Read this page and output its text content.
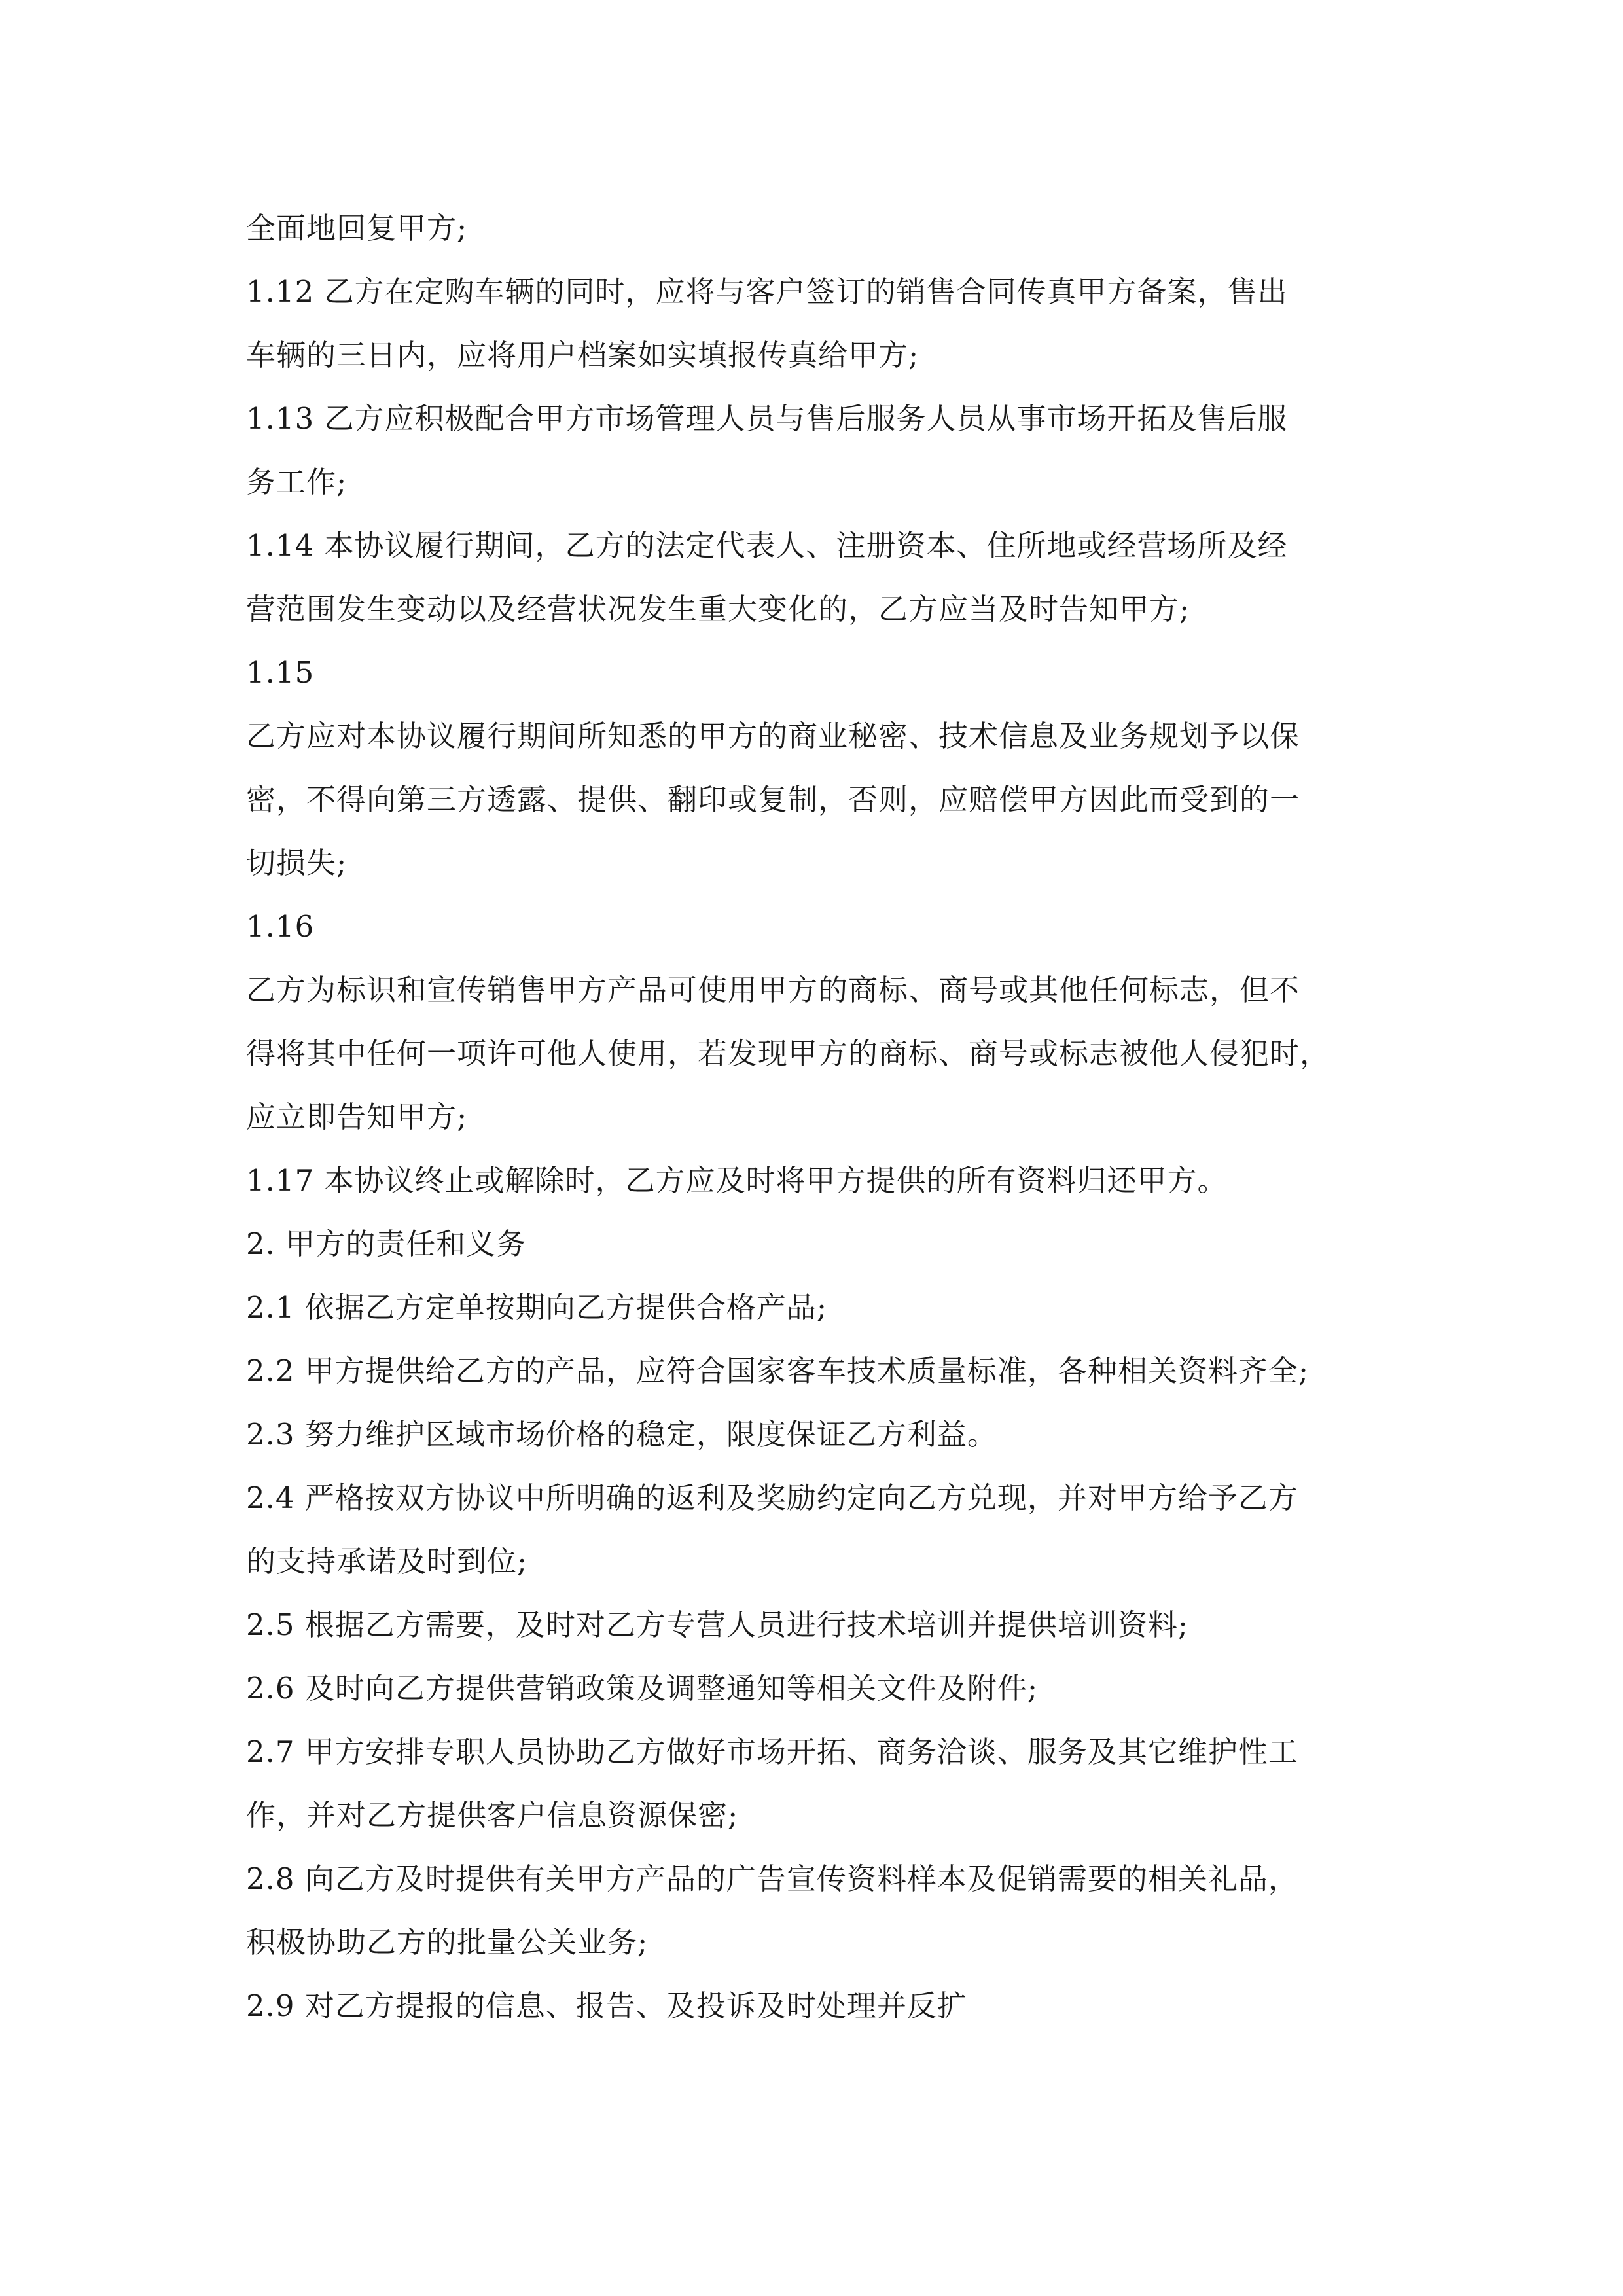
全面地回复甲方;
1.12 乙方在定购车辆的同时，应将与客户签订的销售合同传真甲方备案，售出
车辆的三日内，应将用户档案如实填报传真给甲方;
1.13 乙方应积极配合甲方市场管理人员与售后服务人员从事市场开拓及售后服
务工作;
1.14 本协议履行期间，乙方的法定代表人、注册资本、住所地或经营场所及经
营范围发生变动以及经营状况发生重大变化的，乙方应当及时告知甲方;
1.15
乙方应对本协议履行期间所知悉的甲方的商业秘密、技术信息及业务规划予以保
密，不得向第三方透露、提供、翻印或复制，否则，应赔偿甲方因此而受到的一
切损失;
1.16
乙方为标识和宣传销售甲方产品可使用甲方的商标、商号或其他任何标志，但不
得将其中任何一项许可他人使用，若发现甲方的商标、商号或标志被他人侵犯时，
应立即告知甲方;
1.17 本协议终止或解除时，乙方应及时将甲方提供的所有资料归还甲方。
2. 甲方的责任和义务
2.1 依据乙方定单按期向乙方提供合格产品;
2.2 甲方提供给乙方的产品，应符合国家客车技术质量标准，各种相关资料齐全;
2.3 努力维护区域市场价格的稳定，限度保证乙方利益。
2.4 严格按双方协议中所明确的返利及奖励约定向乙方兑现，并对甲方给予乙方
的支持承诺及时到位;
2.5 根据乙方需要，及时对乙方专营人员进行技术培训并提供培训资料;
2.6 及时向乙方提供营销政策及调整通知等相关文件及附件;
2.7 甲方安排专职人员协助乙方做好市场开拓、商务洽谈、服务及其它维护性工
作，并对乙方提供客户信息资源保密;
2.8 向乙方及时提供有关甲方产品的广告宣传资料样本及促销需要的相关礼品，
积极协助乙方的批量公关业务;
2.9 对乙方提报的信息、报告、及投诉及时处理并反扩
